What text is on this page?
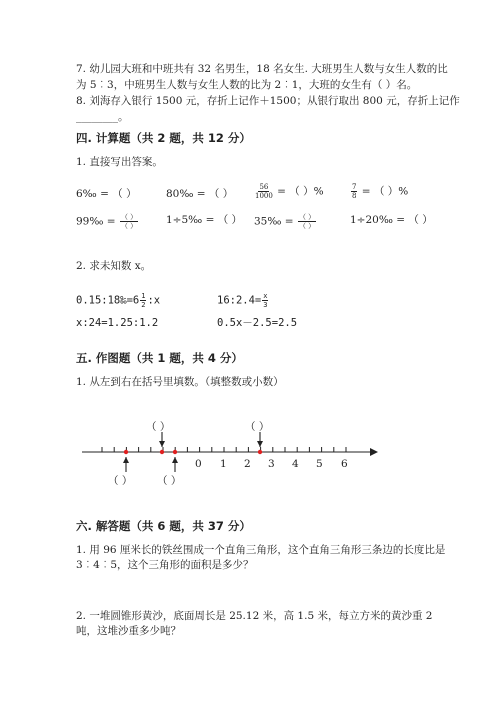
7. 幼儿园大班和中班共有 32 名男生，18 名女生. 大班男生人数与女生人数的比
为 5︰3，中班男生人数与女生人数的比为 2︰1，大班的女生有（ ）名。
8. 刘海存入银行 1500 元，存折上记作＋1500；从银行取出 800 元，存折上记作
________。
四. 计算题（共 2 题，共 12 分）
1. 直接写出答案。
6‰ = （ ）	80‰ = （ ）	$\frac{56}{1000}$ = （ ）%	$\frac{7}{8}$ = （ ）%
99‰ = $\frac{( )}{( )}$	1÷5‰ = （ ） 35‰ = $\frac{( )}{( )}$	1÷20‰ = （ ）
2. 求未知数 x。
0.15:18‰=6 $\frac{1}{2}$ :x	16:2.4= $\frac{x}{3}$
x:24=1.25:1.2	0.5x－2.5=2.5
五. 作图题（共 1 题，共 4 分）
1. 从左到右在括号里填数。（填整数或小数）
（ ）	（ ）
（ ） （ ）
0 1 2 3 4 5 6
六. 解答题（共 6 题，共 37 分）
1. 用 96 厘米长的铁丝围成一个直角三角形，这个直角三角形三条边的长度比是
3︰4︰5，这个三角形的面积是多少？
2. 一堆圆锥形黄沙，底面周长是 25.12 米，高 1.5 米，每立方米的黄沙重 2
吨，这堆沙重多少吨？
